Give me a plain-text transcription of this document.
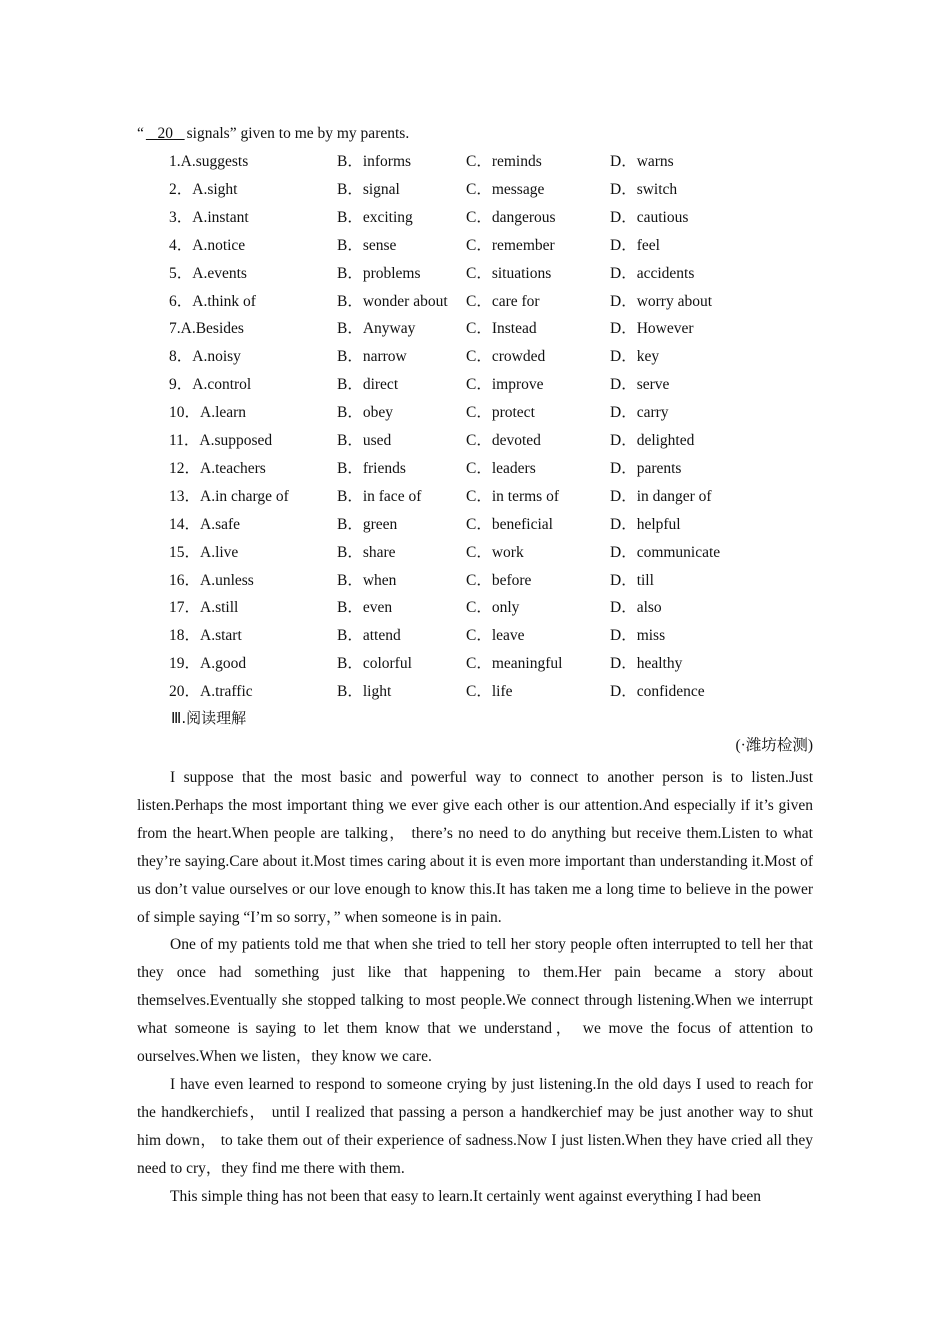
“ 20 signals” given to me by my parents.
1.A.suggests	B．informs	C．reminds	D．warns
2．A.sight	B．signal	C．message	D．switch
3．A.instant	B．exciting	C．dangerous	D．cautious
4．A.notice	B．sense	C．remember	D．feel
5．A.events	B．problems	C．situations	D．accidents
6．A.think of	B．wonder about C．care for	D．worry about
7.A.Besides	B．Anyway	C．Instead	D．However
8．A.noisy	B．narrow	C．crowded	D．key
9．A.control	B．direct	C．improve	D．serve
10．A.learn	B．obey	C．protect	D．carry
11．A.supposed	B．used	C．devoted	D．delighted
12．A.teachers	B．friends	C．leaders	D．parents
13．A.in charge of	B．in face of	C．in terms of	D．in danger of
14．A.safe	B．green	C．beneficial	D．helpful
15．A.live	B．share	C．work	D．communicate
16．A.unless	B．when	C．before	D．till
17．A.still	B．even	C．only	D．also
18．A.start	B．attend	C．leave	D．miss
19．A.good	B．colorful	C．meaningful	D．healthy
20．A.traffic	B．light	C．life	D．confidence
Ⅲ.阅读理解
(·潍坊检测)

I suppose that the most basic and powerful way to connect to another person is to listen.Just listen.Perhaps the most important thing we ever give each other is our attention.And especially if it’s given from the heart.When people are talking， there’s no need to do anything but receive them.Listen to what they’re saying.Care about it.Most times caring about it is even more important than understanding it.Most of us don’t value ourselves or our love enough to know this.It has taken me a long time to believe in the power of simple saying “I’m so sorry，” when someone is in pain.

One of my patients told me that when she tried to tell her story people often interrupted to tell her that they once had something just like that happening to them.Her pain became a story about themselves.Eventually she stopped talking to most people.We connect through listening.When we interrupt what someone is saying to let them know that we understand， we move the focus of attention to ourselves.When we listen，they know we care.

I have even learned to respond to someone crying by just listening.In the old days I used to reach for the handkerchiefs， until I realized that passing a person a handkerchief may be just another way to shut him down， to take them out of their experience of sadness.Now I just listen.When they have cried all they need to cry，they find me there with them.

This simple thing has not been that easy to learn.It certainly went against everything I had been
